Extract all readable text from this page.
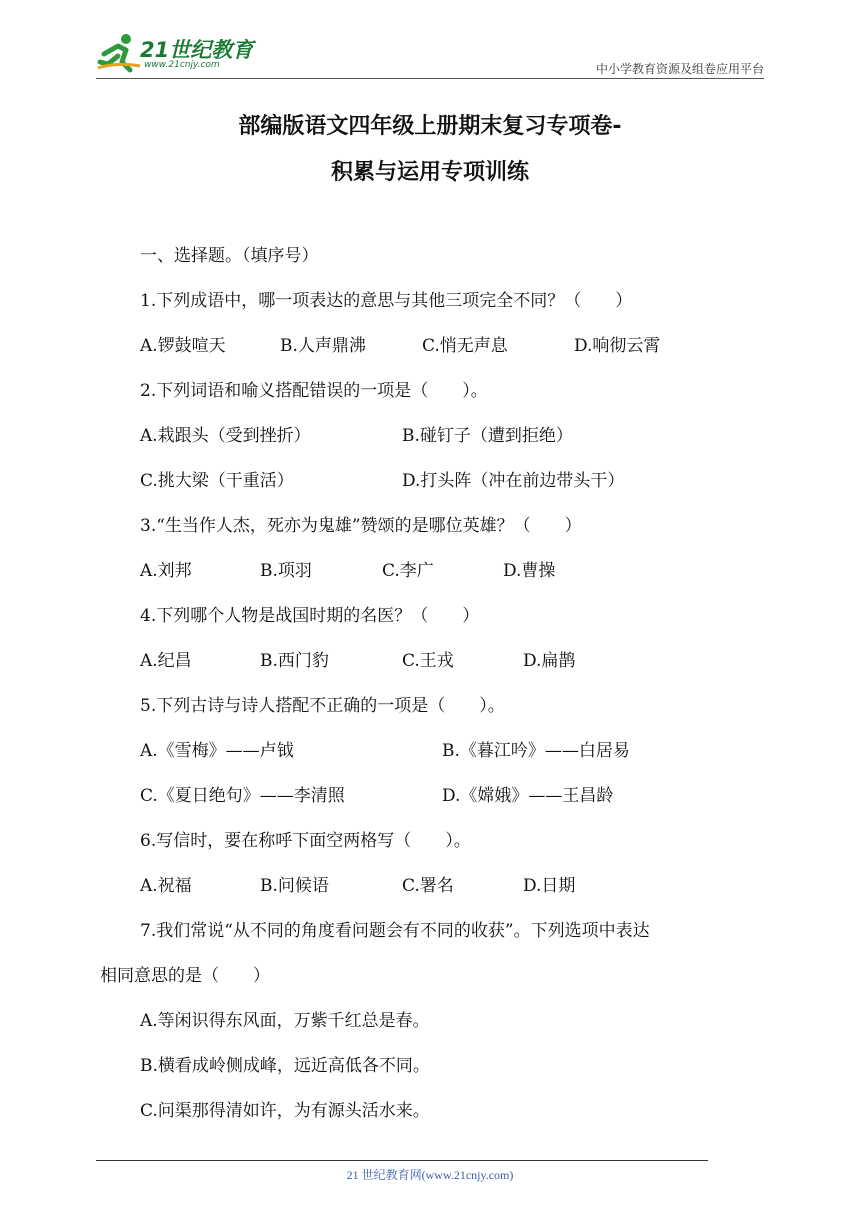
21世纪教育
www.21cnjy.com	中小学教育资源及组卷应用平台
部编版语文四年级上册期末复习专项卷-
积累与运用专项训练
一、选择题。（填序号）
1.下列成语中，哪一项表达的意思与其他三项完全不同？（　　）
A.锣鼓喧天	B.人声鼎沸	C.悄无声息	D.响彻云霄
2.下列词语和喻义搭配错误的一项是（　　）。
A.栽跟头（受到挫折）	B.碰钉子（遭到拒绝）
C.挑大梁（干重活）	D.打头阵（冲在前边带头干）
3.“生当作人杰，死亦为鬼雄”赞颂的是哪位英雄？（　　）
A.刘邦	B.项羽	C.李广	D.曹操
4.下列哪个人物是战国时期的名医？（　　）
A.纪昌	B.西门豹	C.王戎	D.扁鹊
5.下列古诗与诗人搭配不正确的一项是（　　）。
A.《雪梅》——卢钺	B.《暮江吟》——白居易
C.《夏日绝句》——李清照	D.《嫦娥》——王昌龄
6.写信时，要在称呼下面空两格写（　　）。
A.祝福	B.问候语	C.署名	D.日期
7.我们常说“从不同的角度看问题会有不同的收获”。下列选项中表达
相同意思的是（　　）
A.等闲识得东风面，万紫千红总是春。
B.横看成岭侧成峰，远近高低各不同。
C.问渠那得清如许，为有源头活水来。
21 世纪教育网(www.21cnjy.com)
